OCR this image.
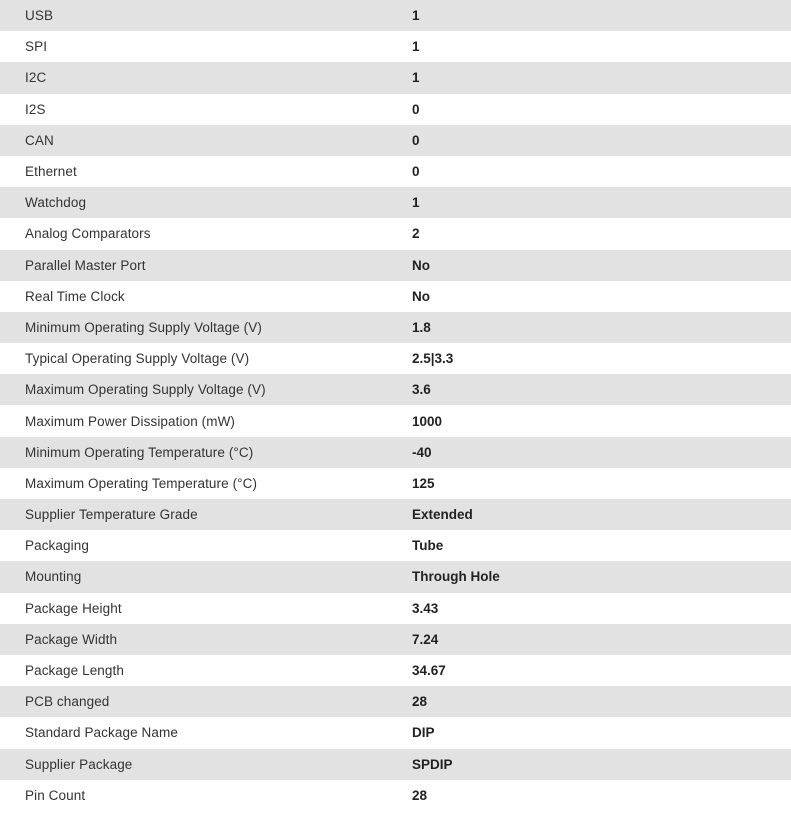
USB	1
SPI	1
I2C	1
I2S	0
CAN	0
Ethernet	0
Watchdog	1
Analog Comparators	2
Parallel Master Port	No
Real Time Clock	No
Minimum Operating Supply Voltage (V)	1.8
Typical Operating Supply Voltage (V)	2.5|3.3
Maximum Operating Supply Voltage (V)	3.6
Maximum Power Dissipation (mW)	1000
Minimum Operating Temperature (°C)	-40
Maximum Operating Temperature (°C)	125
Supplier Temperature Grade	Extended
Packaging	Tube
Mounting	Through Hole
Package Height	3.43
Package Width	7.24
Package Length	34.67
PCB changed	28
Standard Package Name	DIP
Supplier Package	SPDIP
Pin Count	28
